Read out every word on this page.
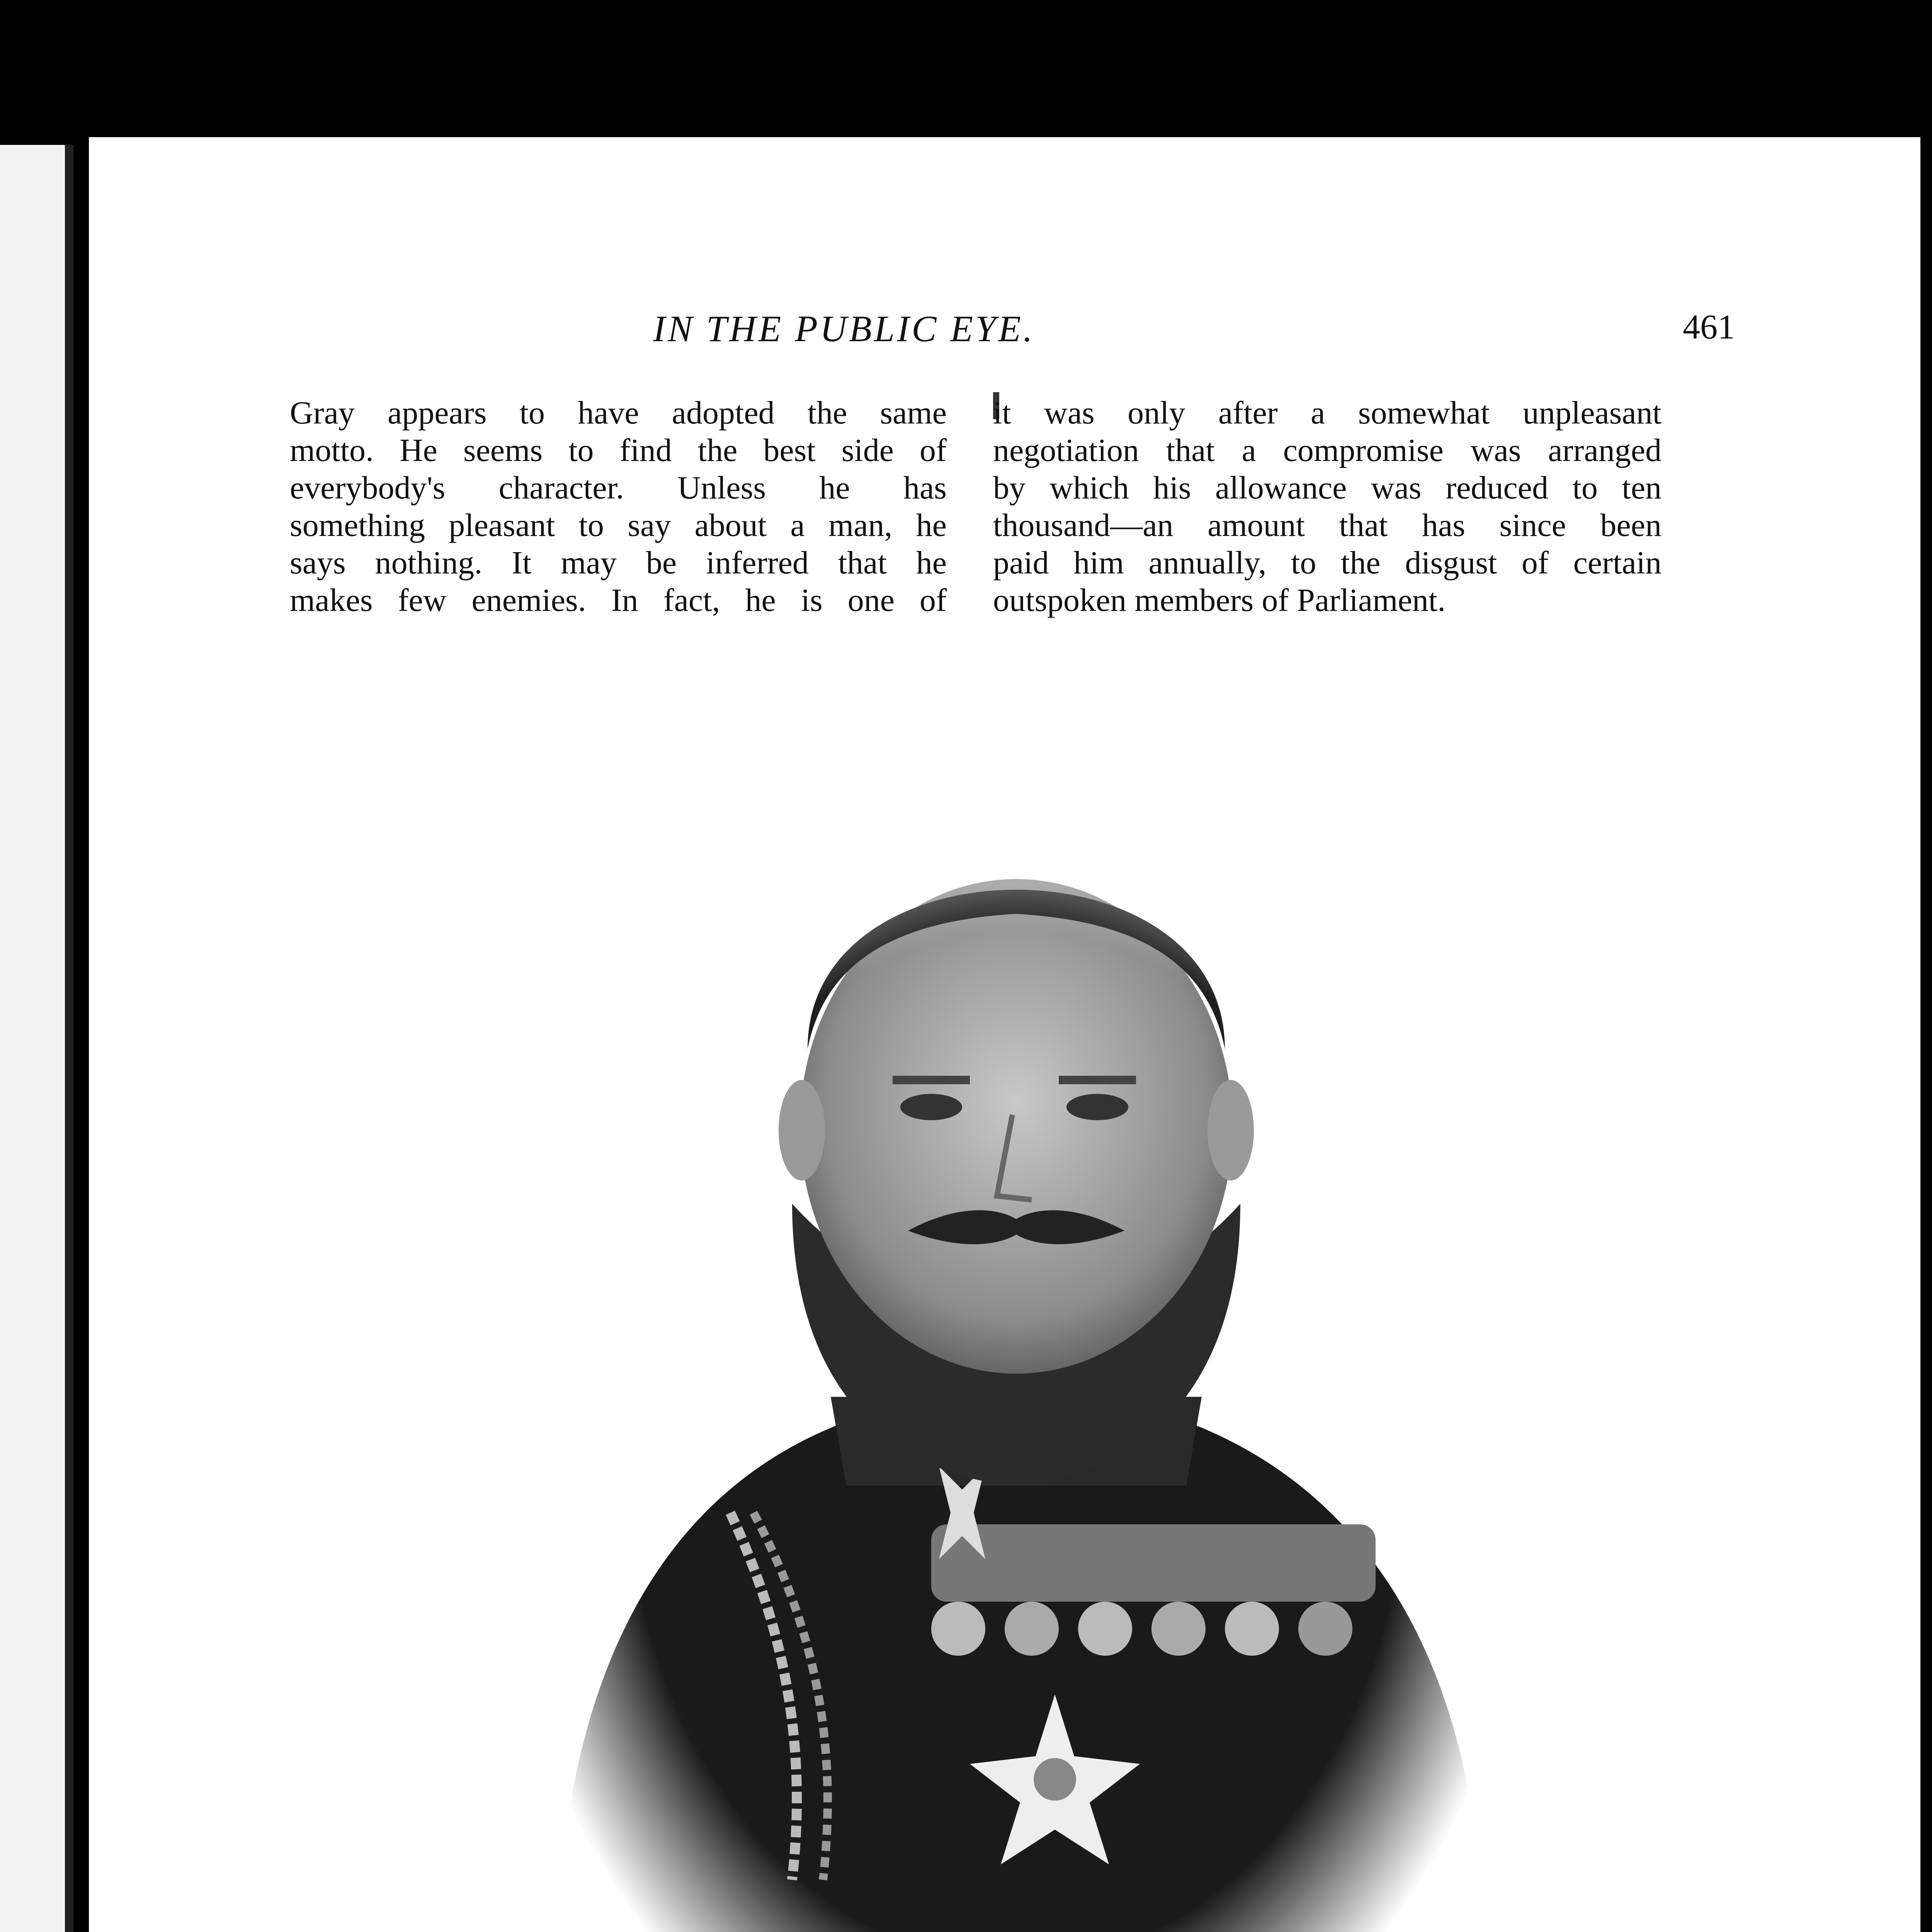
IN THE PUBLIC EYE.	461
Gray appears to have adopted the same
motto. He seems to find the best side of
everybody's character. Unless he has
something pleasant to say about a man, he
says nothing. It may be inferred that he
makes few enemies. In fact, he is one of
it was only after a somewhat unpleasant
negotiation that a compromise was arranged
by which his allowance was reduced to ten
thousand—an amount that has since been
paid him annually, to the disgust of certain
outspoken members of Parliament.
